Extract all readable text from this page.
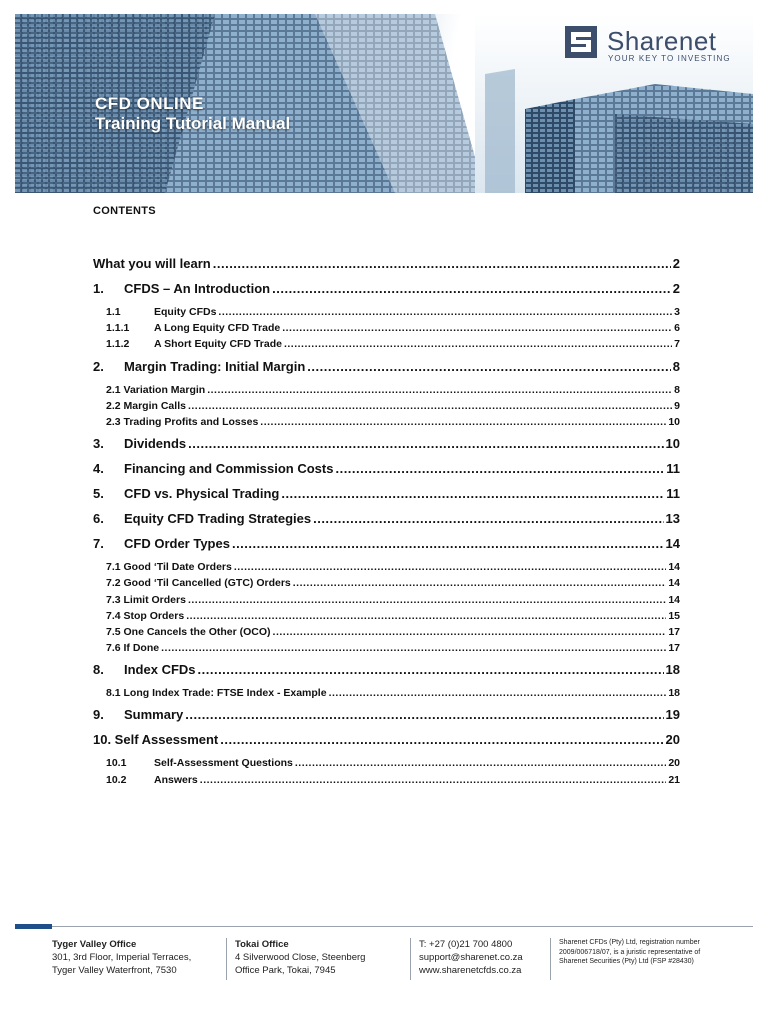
CFD ONLINE
Training Tutorial Manual
Sharenet
YOUR KEY TO INVESTING
CONTENTS
What you will learn .....	2
1.	CFDS – An Introduction .....	2
1.1	Equity CFDs .....	3
1.1.1	A Long Equity CFD Trade .....	6
1.1.2	A Short Equity CFD Trade .....	7
2.	Margin Trading: Initial Margin .....	8
2.1 Variation Margin .....	8
2.2 Margin Calls .....	9
2.3 Trading Profits and Losses .....	10
3.	Dividends .....	10
4.	Financing and Commission Costs .....	11
5.	CFD vs. Physical Trading .....	11
6.	Equity CFD Trading Strategies .....	13
7.	CFD Order Types .....	14
7.1 Good ‘Til Date Orders .....	14
7.2 Good ‘Til Cancelled (GTC) Orders .....	14
7.3 Limit Orders .....	14
7.4 Stop Orders .....	15
7.5 One Cancels the Other (OCO) .....	17
7.6 If Done .....	17
8.	Index CFDs .....	18
8.1 Long Index Trade: FTSE Index - Example .....	18
9.	Summary .....	19
10. Self Assessment .....	20
10.1	Self-Assessment Questions .....	20
10.2	Answers .....	21
Tyger Valley Office
301, 3rd Floor, Imperial Terraces,
Tyger Valley Waterfront, 7530
Tokai Office
4 Silverwood Close, Steenberg
Office Park, Tokai, 7945
T: +27 (0)21 700 4800
support@sharenet.co.za
www.sharenetcfds.co.za
Sharenet CFDs (Pty) Ltd, registration number
2009/006718/07, is a juristic representative of
Sharenet Securities (Pty) Ltd (FSP #28430)
